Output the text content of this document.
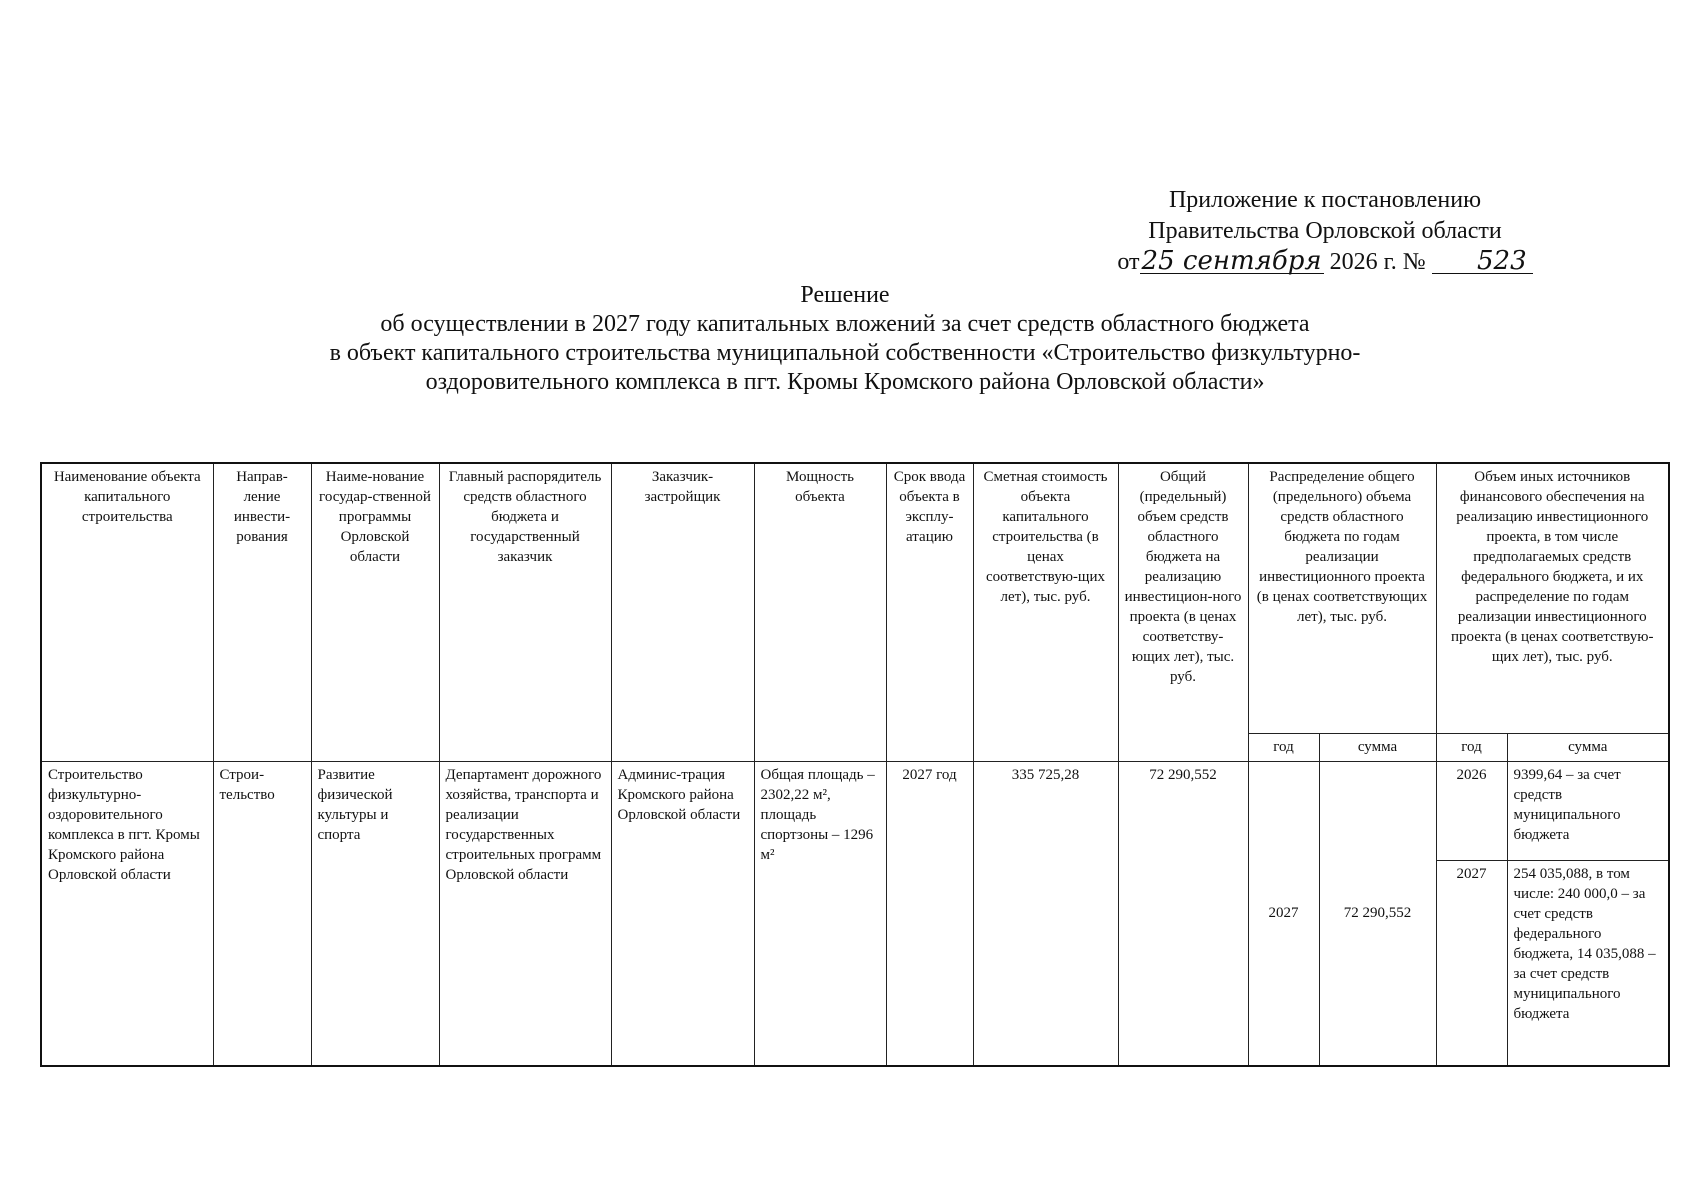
Приложение к постановлению
Правительства Орловской области
от25 сентября 2026 г. № 523
Решение
об осуществлении в 2027 году капитальных вложений за счет средств областного бюджета
в объект капитального строительства муниципальной собственности «Строительство физкультурно-
оздоровительного комплекса в пгт. Кромы Кромского района Орловской области»
Наименование объекта капитального строительства	Направ-ление инвести-рования	Наиме-нование государ-ственной программы Орловской области	Главный распорядитель средств областного бюджета и государственный заказчик	Заказчик-застройщик	Мощность объекта	Срок ввода объекта в эксплу-атацию	Сметная стоимость объекта капитального строительства (в ценах соответствую-щих лет), тыс. руб.	Общий (предельный) объем средств областного бюджета на реализацию инвестицион-ного проекта (в ценах соответству-ющих лет), тыс. руб.	Распределение общего (предельного) объема средств областного бюджета по годам реализации инвестиционного проекта (в ценах соответствующих лет), тыс. руб.		Объем иных источников финансового обеспечения на реализацию инвестиционного проекта, в том числе предполагаемых средств федерального бюджета, и их распределение по годам реализации инвестиционного проекта (в ценах соответствую-щих лет), тыс. руб.	
									год	сумма	год	сумма
Строительство физкультурно-оздоровительного комплекса в пгт. Кромы Кромского района Орловской области	Строи-тельство	Развитие физической культуры и спорта	Департамент дорожного хозяйства, транспорта и реализации государственных строительных программ Орловской области	Админис-трация Кромского района Орловской области	Общая площадь – 2302,22 м², площадь спортзоны – 1296 м²	2027 год	335 725,28	72 290,552	2027	72 290,552	2026	9399,64 – за счет средств муниципального бюджета
											2027	254 035,088, в том числе: 240 000,0 – за счет средств федерального бюджета, 14 035,088 – за счет средств муниципального бюджета
